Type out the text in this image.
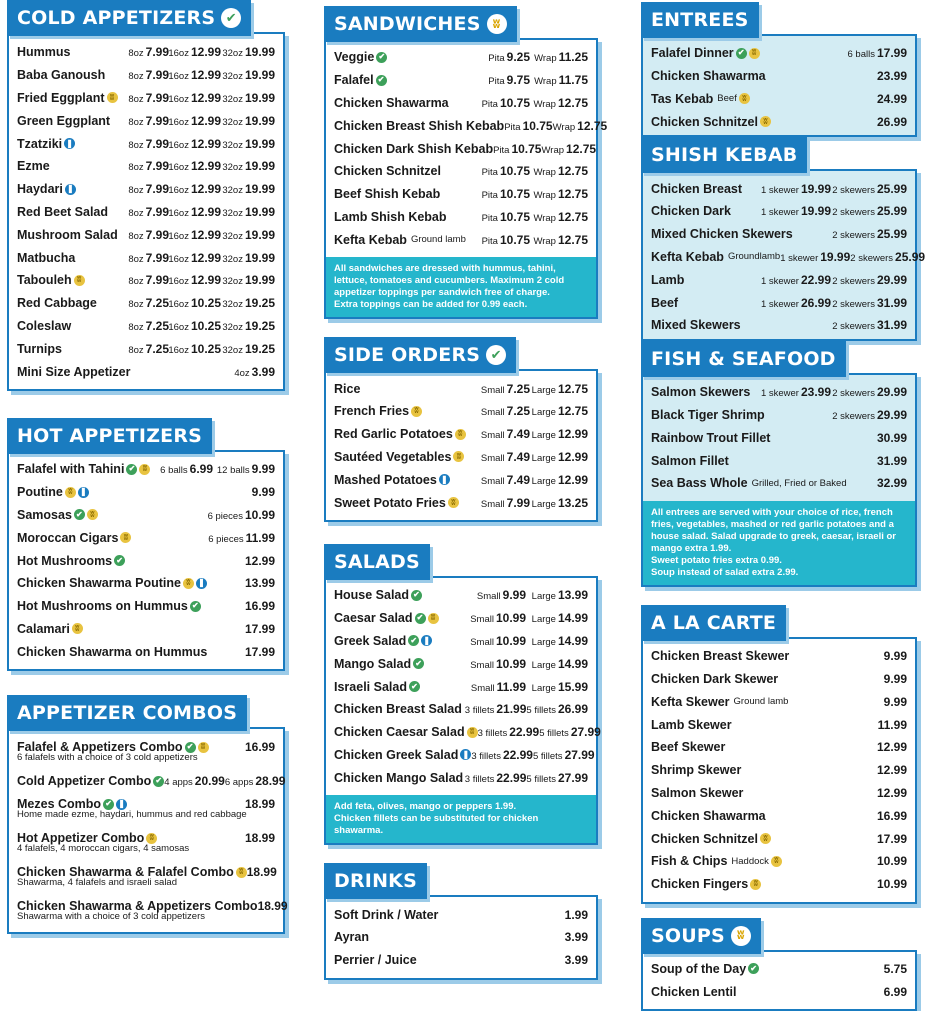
COLD APPETIZERS ✔
Hummus	8oz 7.99 16oz 12.99 32oz 19.99
Baba Ganoush 8oz 7.99 16oz 12.99 32oz 19.99
Fried Eggplant ʬ	8oz 7.99 16oz 12.99 32oz 19.99
Green Eggplant 8oz 7.99 16oz 12.99 32oz 19.99
Tzatziki ❚	8oz 7.99 16oz 12.99 32oz 19.99
Ezme	8oz 7.99 16oz 12.99 32oz 19.99
Haydari ❚	8oz 7.99 16oz 12.99 32oz 19.99
Red Beet Salad 8oz 7.99 16oz 12.99 32oz 19.99
Mushroom Salad 8oz 7.99 16oz 12.99 32oz 19.99
Matbucha	8oz 7.99 16oz 12.99 32oz 19.99
Tabouleh ʬ	8oz 7.99 16oz 12.99 32oz 19.99
Red Cabbage	8oz 7.25 16oz 10.25 32oz 19.25
Coleslaw	8oz 7.25 16oz 10.25 32oz 19.25
Turnips	8oz 7.25 16oz 10.25 32oz 19.25
Mini Size Appetizer	4oz 3.99
HOT APPETIZERS
Falafel with Tahini ✔ ʬ	6 balls 6.99 12 balls 9.99
Poutine ʬ ❚	9.99
Samosas ✔ ʬ	6 pieces 10.99
Moroccan Cigars ʬ	6 pieces 11.99
Hot Mushrooms ✔	12.99
Chicken Shawarma Poutine ʬ ❚	13.99
Hot Mushrooms on Hummus ✔	16.99
Calamari ʬ	17.99
Chicken Shawarma on Hummus	17.99
APPETIZER COMBOS
Falafel & Appetizers Combo ✔ ʬ	16.99
6 falafels with a choice of 3 cold appetizers
Cold Appetizer Combo ✔ 4 apps 20.99 6 apps 28.99
Mezes Combo ✔ ❚	18.99
Home made ezme, haydari, hummus and red cabbage
Hot Appetizer Combo ʬ	18.99
4 falafels, 4 moroccan cigars, 4 samosas
Chicken Shawarma & Falafel Combo ʬ 18.99
Shawarma, 4 falafels and israeli salad
Chicken Shawarma & Appetizers Combo 18.99
Shawarma with a choice of 3 cold appetizers
SANDWICHES ʬ
Veggie ✔	Pita 9.25 Wrap 11.25
Falafel ✔	Pita 9.75 Wrap 11.75
Chicken Shawarma	Pita 10.75 Wrap 12.75
Chicken Breast Shish Kebab Pita 10.75 Wrap 12.75
Chicken Dark Shish Kebab Pita 10.75 Wrap 12.75
Chicken Schnitzel	Pita 10.75 Wrap 12.75
Beef Shish Kebab	Pita 10.75 Wrap 12.75
Lamb Shish Kebab	Pita 10.75 Wrap 12.75
Kefta Kebab Ground lamb Pita 10.75 Wrap 12.75
All sandwiches are dressed with hummus, tahini, lettuce, tomatoes and cucumbers. Maximum 2 cold appetizer toppings per sandwich free of charge.
Extra toppings can be added for 0.99 each.
SIDE ORDERS ✔
Rice	Small 7.25 Large 12.75
French Fries ʬ	Small 7.25 Large 12.75
Red Garlic Potatoes ʬ	Small 7.49 Large 12.99
Sautéed Vegetables ʬ	Small 7.49 Large 12.99
Mashed Potatoes ❚	Small 7.49 Large 12.99
Sweet Potato Fries ʬ	Small 7.99 Large 13.25
SALADS
House Salad ✔	Small 9.99 Large 13.99
Caesar Salad ✔ ʬ	Small 10.99 Large 14.99
Greek Salad ✔ ❚	Small 10.99 Large 14.99
Mango Salad ✔	Small 10.99 Large 14.99
Israeli Salad ✔	Small 11.99 Large 15.99
Chicken Breast Salad 3 fillets 21.99 5 fillets 26.99
Chicken Caesar Salad ʬ 3 fillets 22.99 5 fillets 27.99
Chicken Greek Salad ❚ 3 fillets 22.99 5 fillets 27.99
Chicken Mango Salad 3 fillets 22.99 5 fillets 27.99
Add feta, olives, mango or peppers 1.99.
Chicken fillets can be substituted for chicken shawarma.
DRINKS
Soft Drink / Water	1.99
Ayran	3.99
Perrier / Juice	3.99
ENTREES
Falafel Dinner ✔ ʬ	6 balls 17.99
Chicken Shawarma	23.99
Tas Kebab Beef ʬ	24.99
Chicken Schnitzel ʬ	26.99
SHISH KEBAB
Chicken Breast 1 skewer 19.99 2 skewers 25.99
Chicken Dark	1 skewer 19.99 2 skewers 25.99
Mixed Chicken Skewers	2 skewers 25.99
Kefta Kebab Groundlamb 1 skewer 19.99 2 skewers 25.99
Lamb	1 skewer 22.99 2 skewers 29.99
Beef	1 skewer 26.99 2 skewers 31.99
Mixed Skewers	2 skewers 31.99
FISH & SEAFOOD
Salmon Skewers 1 skewer 23.99 2 skewers 29.99
Black Tiger Shrimp	2 skewers 29.99
Rainbow Trout Fillet	30.99
Salmon Fillet	31.99
Sea Bass Whole Grilled, Fried or Baked	32.99
All entrees are served with your choice of rice, french fries, vegetables, mashed or red garlic potatoes and a house salad. Salad upgrade to greek, caesar, israeli or mango extra 1.99.
Sweet potato fries extra 0.99.
Soup instead of salad extra 2.99.
A LA CARTE
Chicken Breast Skewer	9.99
Chicken Dark Skewer	9.99
Kefta Skewer Ground lamb	9.99
Lamb Skewer	11.99
Beef Skewer	12.99
Shrimp Skewer	12.99
Salmon Skewer	12.99
Chicken Shawarma	16.99
Chicken Schnitzel ʬ	17.99
Fish & Chips Haddock ʬ	10.99
Chicken Fingers ʬ	10.99
SOUPS ʬ
Soup of the Day ✔	5.75
Chicken Lentil	6.99
